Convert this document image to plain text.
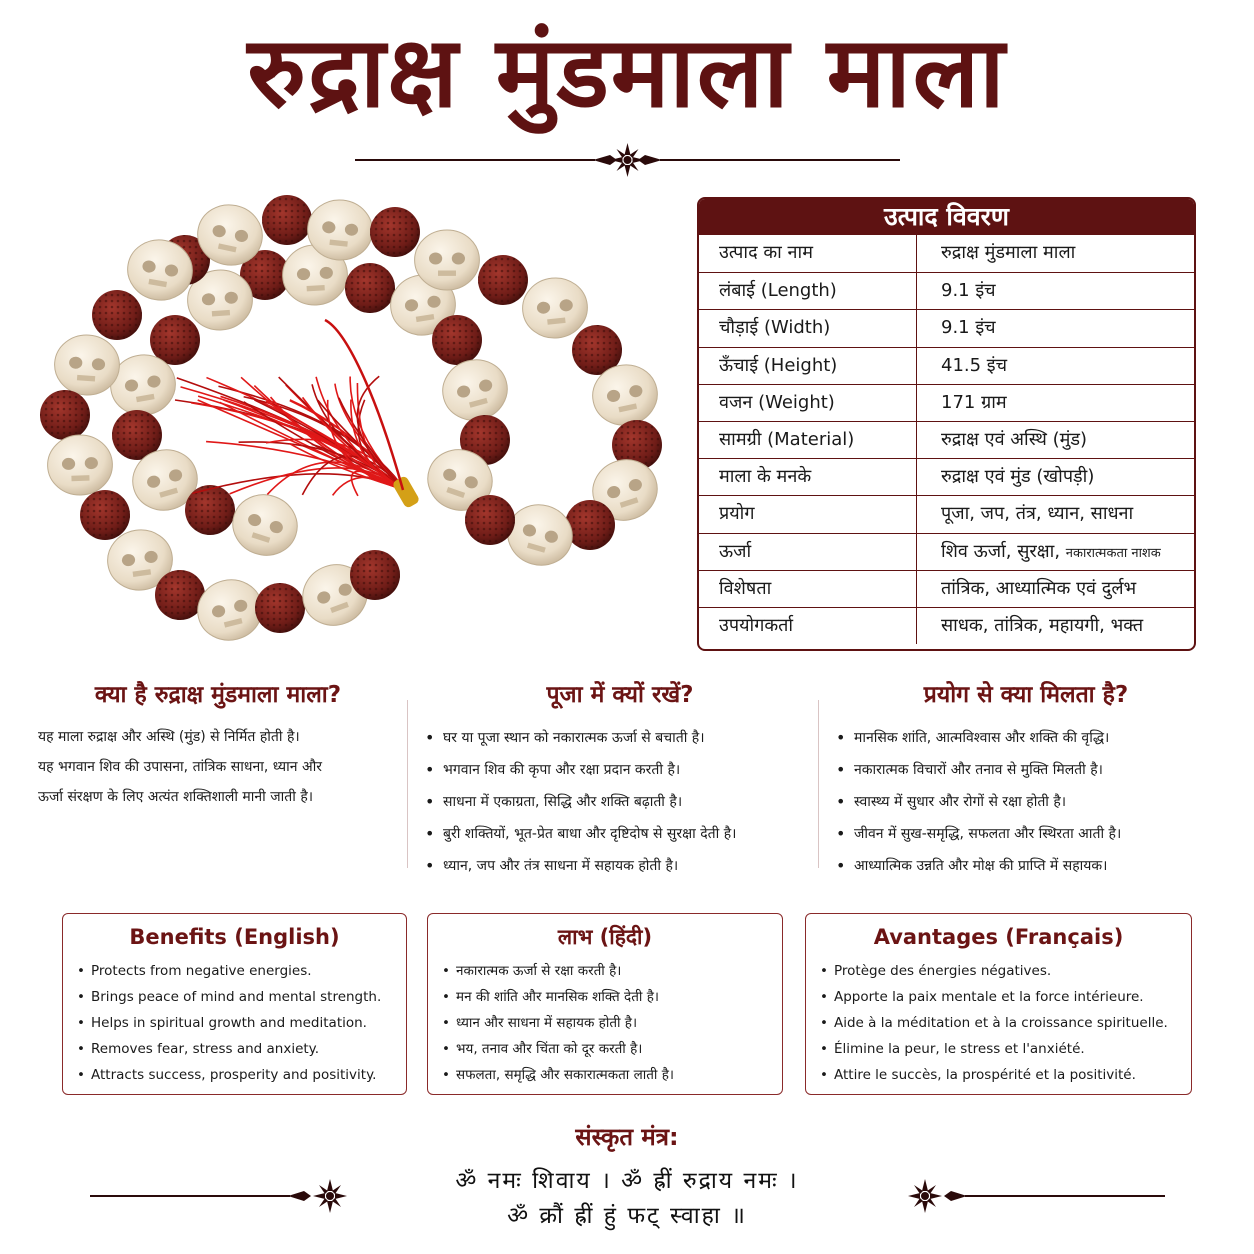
रुद्राक्ष मुंडमाला माला
उत्पाद विवरण
उत्पाद का नाम	रुद्राक्ष मुंडमाला माला
लंबाई (Length)	9.1 इंच
चौड़ाई (Width)	9.1 इंच
ऊँचाई (Height)	41.5 इंच
वजन (Weight)	171 ग्राम
सामग्री (Material)	रुद्राक्ष एवं अस्थि (मुंड)
माला के मनके	रुद्राक्ष एवं मुंड (खोपड़ी)
प्रयोग	पूजा, जप, तंत्र, ध्यान, साधना
ऊर्जा	शिव ऊर्जा, सुरक्षा, नकारात्मकता नाशक
विशेषता	तांत्रिक, आध्यात्मिक एवं दुर्लभ
उपयोगकर्ता	साधक, तांत्रिक, महायगी, भक्त
क्या है रुद्राक्ष मुंडमाला माला?

यह माला रुद्राक्ष और अस्थि (मुंड) से निर्मित होती है।

यह भगवान शिव की उपासना, तांत्रिक साधना, ध्यान और

ऊर्जा संरक्षण के लिए अत्यंत शक्तिशाली मानी जाती है।

पूजा में क्यों रखें?
• घर या पूजा स्थान को नकारात्मक ऊर्जा से बचाती है।
• भगवान शिव की कृपा और रक्षा प्रदान करती है।
• साधना में एकाग्रता, सिद्धि और शक्ति बढ़ाती है।
• बुरी शक्तियों, भूत-प्रेत बाधा और दृष्टिदोष से सुरक्षा देती है।
• ध्यान, जप और तंत्र साधना में सहायक होती है।
प्रयोग से क्या मिलता है?
• मानसिक शांति, आत्मविश्वास और शक्ति की वृद्धि।
• नकारात्मक विचारों और तनाव से मुक्ति मिलती है।
• स्वास्थ्य में सुधार और रोगों से रक्षा होती है।
• जीवन में सुख-समृद्धि, सफलता और स्थिरता आती है।
• आध्यात्मिक उन्नति और मोक्ष की प्राप्ति में सहायक।
Benefits (English)
• Protects from negative energies.
• Brings peace of mind and mental strength.
• Helps in spiritual growth and meditation.
• Removes fear, stress and anxiety.
• Attracts success, prosperity and positivity.
लाभ (हिंदी)
• नकारात्मक ऊर्जा से रक्षा करती है।
• मन की शांति और मानसिक शक्ति देती है।
• ध्यान और साधना में सहायक होती है।
• भय, तनाव और चिंता को दूर करती है।
• सफलता, समृद्धि और सकारात्मकता लाती है।
Avantages (Français)
• Protège des énergies négatives.
• Apporte la paix mentale et la force intérieure.
• Aide à la méditation et à la croissance spirituelle.
• Élimine la peur, le stress et l'anxiété.
• Attire le succès, la prospérité et la positivité.
संस्कृत मंत्र:
ॐ नमः शिवाय । ॐ ह्रीं रुद्राय नमः ।
ॐ क्रौं ह्रीं हुं फट् स्वाहा ॥
